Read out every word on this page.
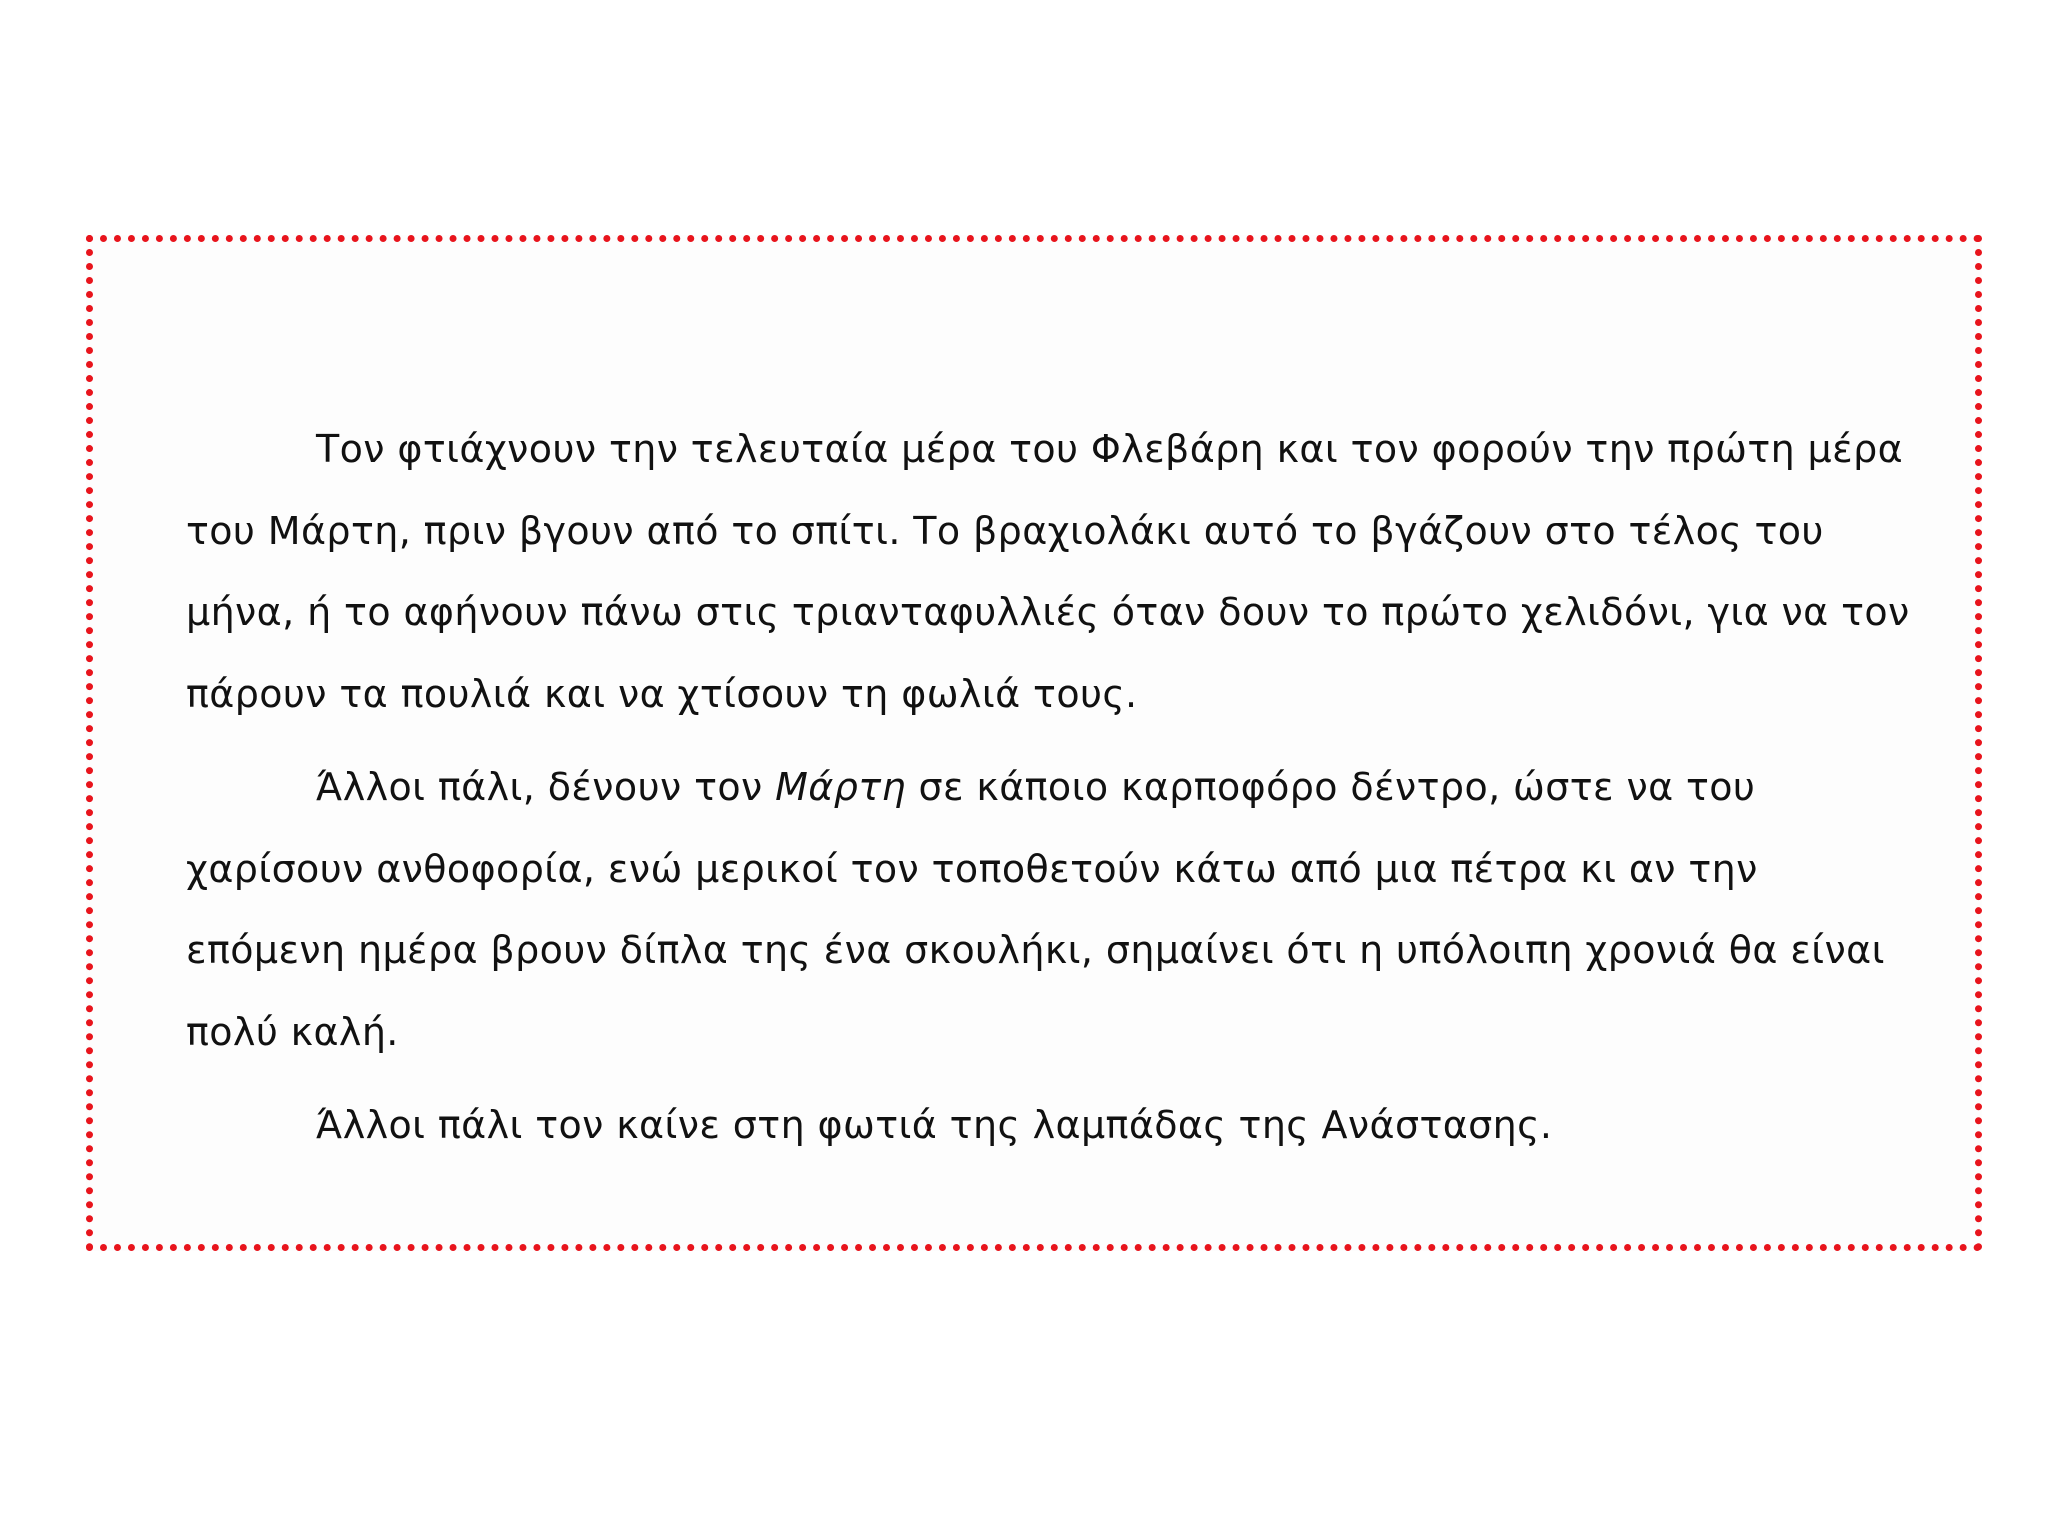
Τον φτιάχνουν την τελευταία μέρα του Φλεβάρη και τον φορούν την πρώτη μέρα
του Μάρτη, πριν βγουν από το σπίτι. Το βραχιολάκι αυτό το βγάζουν στο τέλος του
μήνα, ή το αφήνουν πάνω στις τριανταφυλλιές όταν δουν το πρώτο χελιδόνι, για να τον
πάρουν τα πουλιά και να χτίσουν τη φωλιά τους.
Άλλοι πάλι, δένουν τον Μάρτη σε κάποιο καρποφόρο δέντρο, ώστε να του
χαρίσουν ανθοφορία, ενώ μερικοί τον τοποθετούν κάτω από μια πέτρα κι αν την
επόμενη ημέρα βρουν δίπλα της ένα σκουλήκι, σημαίνει ότι η υπόλοιπη χρονιά θα είναι
πολύ καλή.
Άλλοι πάλι τον καίνε στη φωτιά της λαμπάδας της Ανάστασης.
